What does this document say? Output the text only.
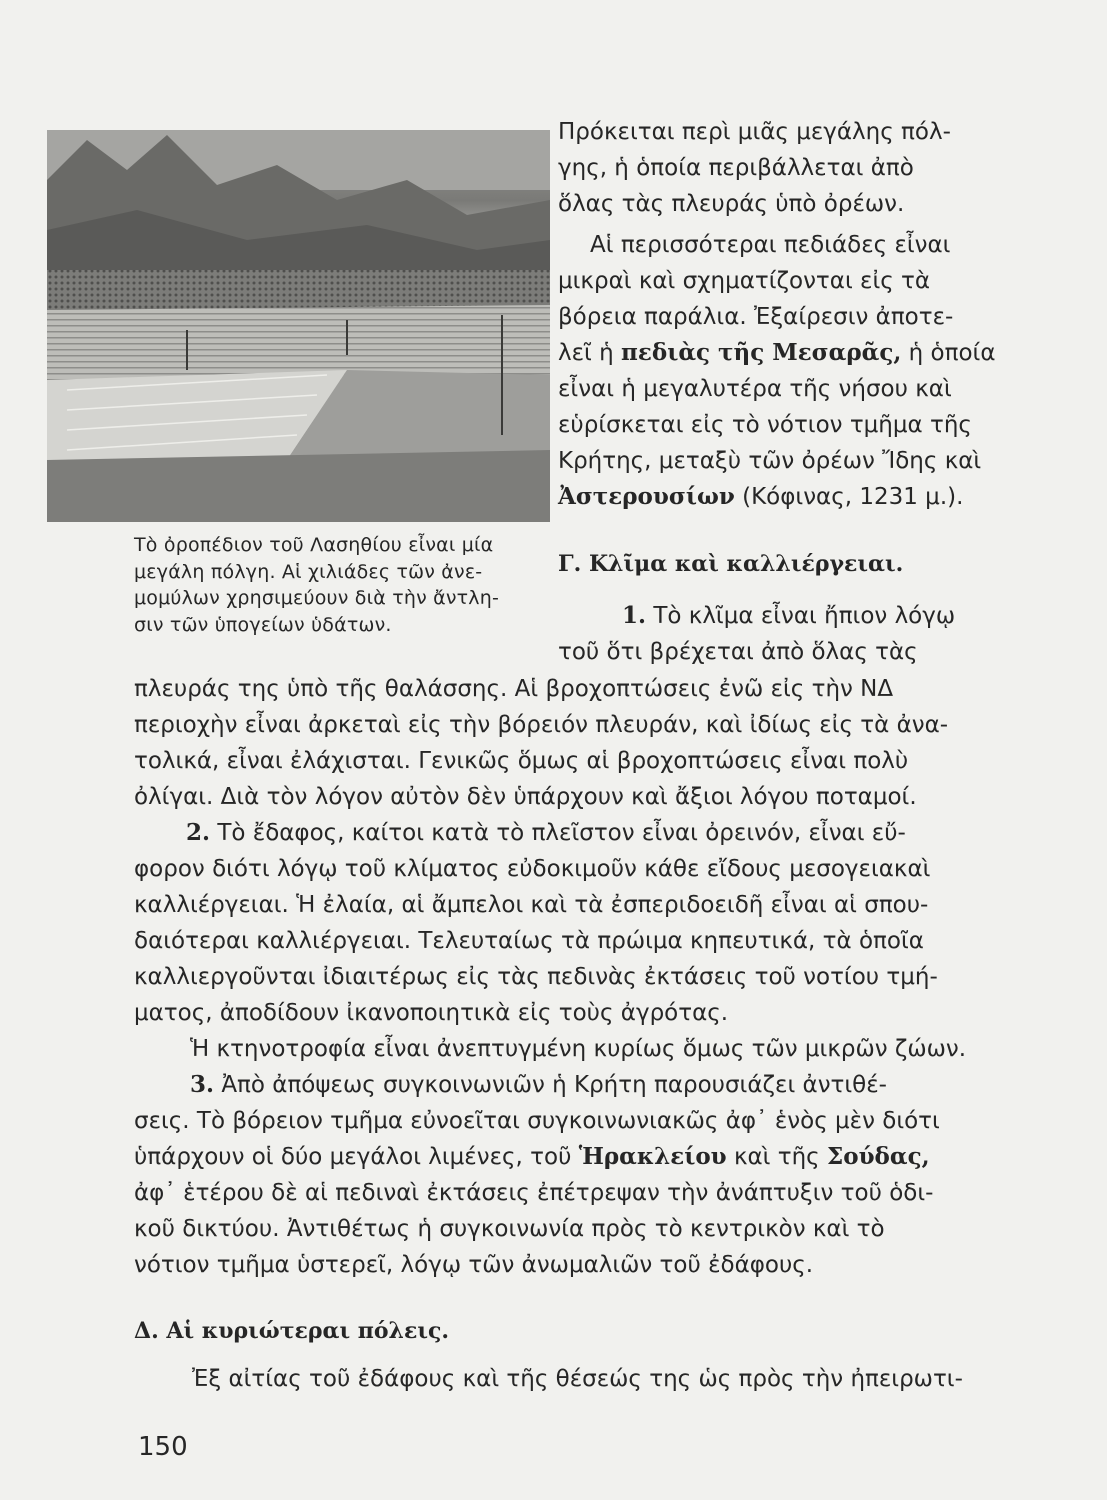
Τὸ ὀροπέδιον τοῦ Λασηθίου εἶναι μία

μεγάλη πόλγη. Αἱ χιλιάδες τῶν ἀνε-

μομύλων χρησιμεύουν διὰ τὴν ἄντλη-

σιν τῶν ὑπογείων ὑδάτων.

Πρόκειται περὶ μιᾶς μεγάλης πόλ-
γης, ἡ ὁποία περιβάλλεται ἀπὸ
ὅλας τὰς πλευράς ὑπὸ ὀρέων.
Αἱ περισσότεραι πεδιάδες εἶναι
μικραὶ καὶ σχηματίζονται εἰς τὰ
βόρεια παράλια. Ἐξαίρεσιν ἀποτε-
λεῖ ἡ πεδιὰς τῆς Μεσαρᾶς, ἡ ὁποία
εἶναι ἡ μεγαλυτέρα τῆς νήσου καὶ
εὑρίσκεται εἰς τὸ νότιον τμῆμα τῆς
Κρήτης, μεταξὺ τῶν ὀρέων Ἴδης καὶ
Ἀστερουσίων (Κόφινας, 1231 μ.).
Γ. Κλῖμα καὶ καλλιέργειαι.
1. Τὸ κλῖμα εἶναι ἤπιον λόγῳ
τοῦ ὅτι βρέχεται ἀπὸ ὅλας τὰς
πλευράς της ὑπὸ τῆς θαλάσσης. Αἱ βροχοπτώσεις ἐνῶ εἰς τὴν ΝΔ
περιοχὴν εἶναι ἀρκεταὶ εἰς τὴν βόρειόν πλευράν, καὶ ἰδίως εἰς τὰ ἀνα-
τολικά, εἶναι ἐλάχισται. Γενικῶς ὅμως αἱ βροχοπτώσεις εἶναι πολὺ
ὀλίγαι. Διὰ τὸν λόγον αὐτὸν δὲν ὑπάρχουν καὶ ἄξιοι λόγου ποταμοί.
2. Τὸ ἔδαφος, καίτοι κατὰ τὸ πλεῖστον εἶναι ὀρεινόν, εἶναι εὔ-
φορον διότι λόγῳ τοῦ κλίματος εὐδοκιμοῦν κάθε εἴδους μεσογειακαὶ
καλλιέργειαι. Ἡ ἐλαία, αἱ ἄμπελοι καὶ τὰ ἐσπεριδοειδῆ εἶναι αἱ σπου-
δαιότεραι καλλιέργειαι. Τελευταίως τὰ πρώιμα κηπευτικά, τὰ ὁποῖα
καλλιεργοῦνται ἰδιαιτέρως εἰς τὰς πεδινὰς ἐκτάσεις τοῦ νοτίου τμή-
ματος, ἀποδίδουν ἰκανοποιητικὰ εἰς τοὺς ἀγρότας.
Ἡ κτηνοτροφία εἶναι ἀνεπτυγμένη κυρίως ὅμως τῶν μικρῶν ζώων.
3. Ἀπὸ ἀπόψεως συγκοινωνιῶν ἡ Κρήτη παρουσιάζει ἀντιθέ-
σεις. Τὸ βόρειον τμῆμα εὐνοεῖται συγκοινωνιακῶς ἀφ᾽ ἑνὸς μὲν διότι
ὑπάρχουν οἱ δύο μεγάλοι λιμένες, τοῦ Ἡρακλείου καὶ τῆς Σούδας,
ἀφ᾽ ἑτέρου δὲ αἱ πεδιναὶ ἐκτάσεις ἐπέτρεψαν τὴν ἀνάπτυξιν τοῦ ὁδι-
κοῦ δικτύου. Ἀντιθέτως ἡ συγκοινωνία πρὸς τὸ κεντρικὸν καὶ τὸ
νότιον τμῆμα ὑστερεῖ, λόγῳ τῶν ἀνωμαλιῶν τοῦ ἐδάφους.
Δ. Αἱ κυριώτεραι πόλεις.
Ἐξ αἰτίας τοῦ ἐδάφους καὶ τῆς θέσεώς της ὡς πρὸς τὴν ἠπειρωτι-
150
